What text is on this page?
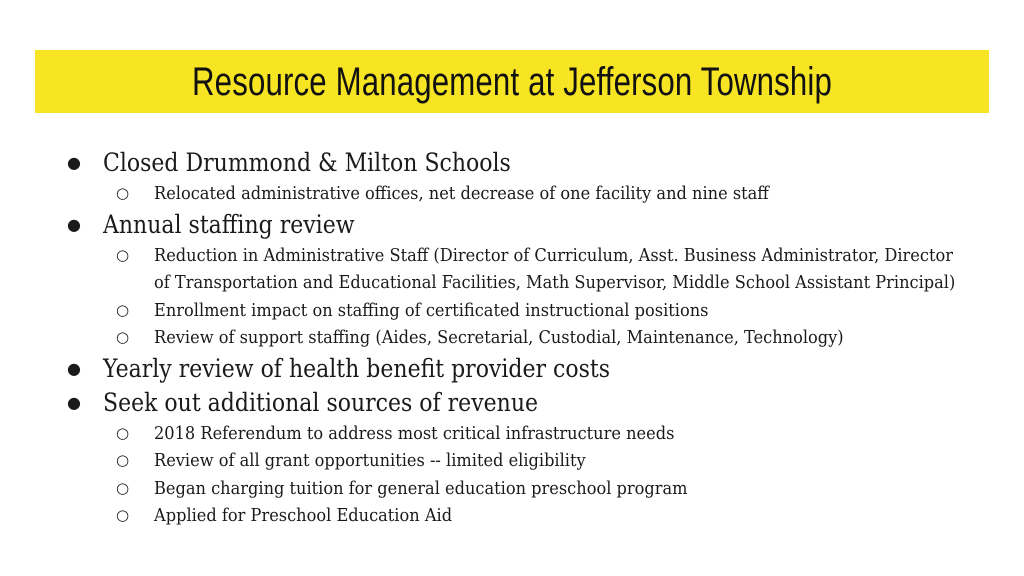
Resource Management at Jefferson Township
● Closed Drummond & Milton Schools
○ Relocated administrative offices, net decrease of one facility and nine staff
● Annual staffing review
○ Reduction in Administrative Staff (Director of Curriculum, Asst. Business Administrator, Director of Transportation and Educational Facilities, Math Supervisor, Middle School Assistant Principal)
○ Enrollment impact on staffing of certificated instructional positions
○ Review of support staffing (Aides, Secretarial, Custodial, Maintenance, Technology)
● Yearly review of health benefit provider costs
● Seek out additional sources of revenue
○ 2018 Referendum to address most critical infrastructure needs
○ Review of all grant opportunities -- limited eligibility
○ Began charging tuition for general education preschool program
○ Applied for Preschool Education Aid
